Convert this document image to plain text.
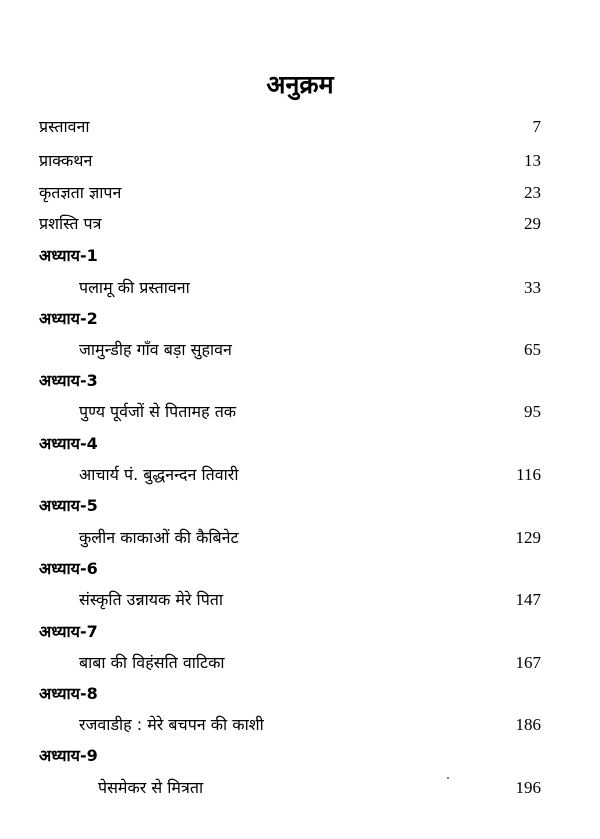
अनुक्रम
प्रस्तावना	7
प्राक्कथन	13
कृतज्ञता ज्ञापन	23
प्रशस्ति पत्र	29
अध्याय-1
पलामू की प्रस्तावना	33
अध्याय-2
जामुन्डीह गाँव बड़ा सुहावन	65
अध्याय-3
पुण्य पूर्वजों से पितामह तक	95
अध्याय-4
आचार्य पं. बुद्धनन्दन तिवारी	116
अध्याय-5
कुलीन काकाओं की कैबिनेट	129
अध्याय-6
संस्कृति उन्नायक मेरे पिता	147
अध्याय-7
बाबा की विहंसति वाटिका	167
अध्याय-8
रजवाडीह : मेरे बचपन की काशी	186
अध्याय-9
पेसमेकर से मित्रता	196
